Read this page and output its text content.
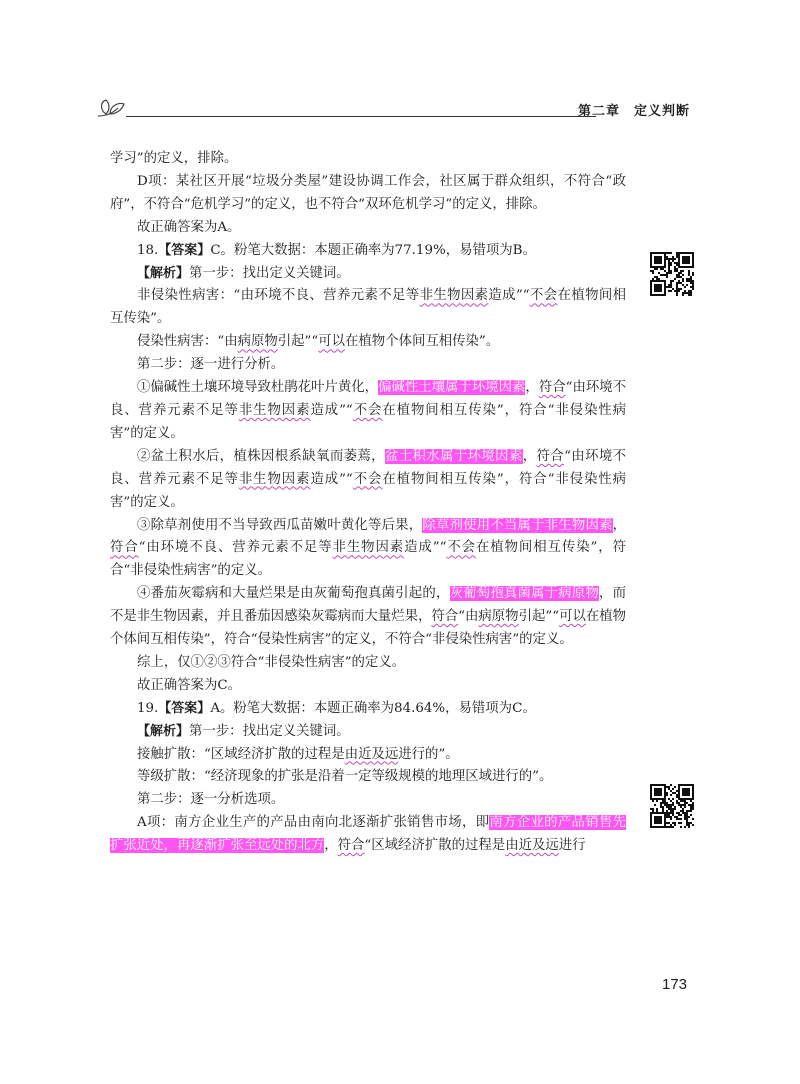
第二章　定义判断

学习”的定义，排除。

D项：某社区开展“垃圾分类屋”建设协调工作会，社区属于群众组织，不符合“政府”，不符合“危机学习”的定义，也不符合“双环危机学习”的定义，排除。

故正确答案为A。

18.【答案】C。粉笔大数据：本题正确率为77.19%，易错项为B。

【解析】第一步：找出定义关键词。

非侵染性病害：“由环境不良、营养元素不足等非生物因素造成”“不会在植物间相互传染”。

侵染性病害：“由病原物引起”“可以在植物个体间互相传染”。

第二步：逐一进行分析。

①偏碱性土壤环境导致杜鹃花叶片黄化，偏碱性土壤属于环境因素，符合“由环境不良、营养元素不足等非生物因素造成”“不会在植物间相互传染”，符合“非侵染性病害”的定义。

②盆土积水后，植株因根系缺氧而萎蔫，盆土积水属于环境因素，符合“由环境不良、营养元素不足等非生物因素造成”“不会在植物间相互传染”，符合“非侵染性病害”的定义。

③除草剂使用不当导致西瓜苗嫩叶黄化等后果，除草剂使用不当属于非生物因素，符合“由环境不良、营养元素不足等非生物因素造成”“不会在植物间相互传染”，符合“非侵染性病害”的定义。

④番茄灰霉病和大量烂果是由灰葡萄孢真菌引起的，灰葡萄孢真菌属于病原物，而不是非生物因素，并且番茄因感染灰霉病而大量烂果，符合“由病原物引起”“可以在植物个体间互相传染”，符合“侵染性病害”的定义，不符合“非侵染性病害”的定义。

综上，仅①②③符合“非侵染性病害”的定义。

故正确答案为C。

19.【答案】A。粉笔大数据：本题正确率为84.64%，易错项为C。

【解析】第一步：找出定义关键词。

接触扩散：“区域经济扩散的过程是由近及远进行的”。

等级扩散：“经济现象的扩张是沿着一定等级规模的地理区域进行的”。

第二步：逐一分析选项。

A项：南方企业生产的产品由南向北逐渐扩张销售市场，即南方企业的产品销售先扩张近处，再逐渐扩张至远处的北方，符合“区域经济扩散的过程是由近及远进行

173
